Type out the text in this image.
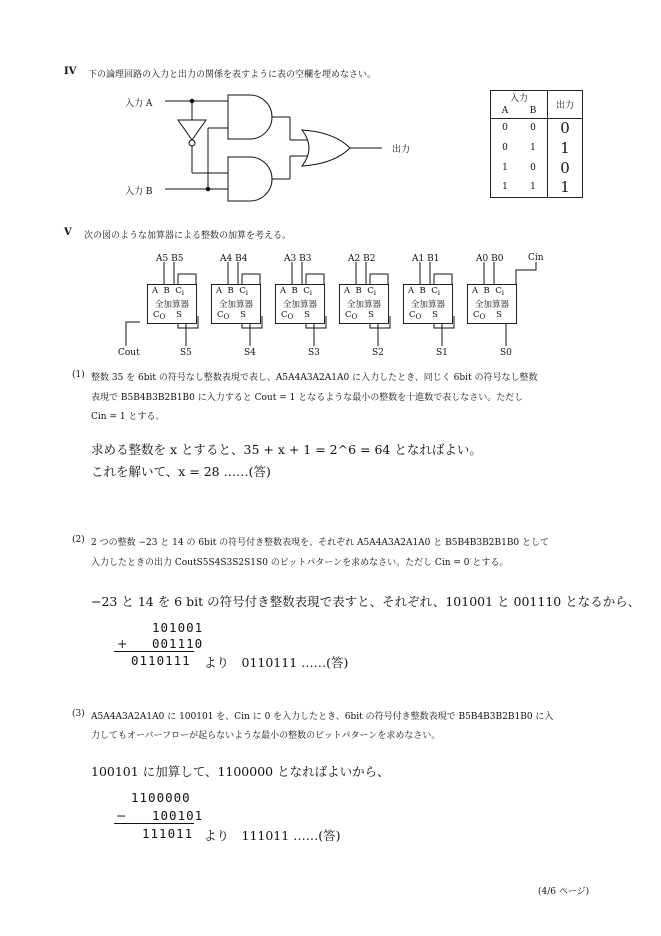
IV 下の論理回路の入力と出力の関係を表すように表の空欄を埋めなさい。
入力 A
入力 B
出力
入力		出力
A	B	
0	0	0
0	1	1
1	0	0
1	1	1
V 次の図のような加算器による整数の加算を考える。
A5 B5	A4 B4	A3 B3	A2 B2	A1 B1	A0 B0	Cin
A  B  $C_i$
全加算器
$C_O$    S
A  B  $C_i$
全加算器
$C_O$    S
A  B  $C_i$
全加算器
$C_O$    S
A  B  $C_i$
全加算器
$C_O$    S
A  B  $C_i$
全加算器
$C_O$    S
A  B  $C_i$
全加算器
$C_O$    S
Cout	S5	S4	S3	S2	S1	S0
(1) 整数 35 を 6bit の符号なし整数表現で表し、A5A4A3A2A1A0 に入力したとき、同じく 6bit の符号なし整数
表現で B5B4B3B2B1B0 に入力すると Cout = 1 となるような最小の整数を十進数で表しなさい。ただし
Cin = 1 とする。
求める整数を x とすると、35 + x + 1 = 2^6 = 64 となればよい。
これを解いて、x = 28 ……(答)
(2) 2 つの整数 −23 と 14 の 6bit の符号付き整数表現を、それぞれ A5A4A3A2A1A0 と B5B4B3B2B1B0 として
入力したときの出力 CoutS5S4S3S2S1S0 のビットパターンを求めなさい。ただし Cin = 0 とする。
−23 と 14 を 6 bit の符号付き整数表現で表すと、それぞれ、101001 と 001110 となるから、
101001
+ 001110
0110111 より　0110111 ……(答)
(3) A5A4A3A2A1A0 に 100101 を、Cin に 0 を入力したとき、6bit の符号付き整数表現で B5B4B3B2B1B0 に入
力してもオーバーフローが起らないような最小の整数のビットパターンを求めなさい。
100101 に加算して、1100000 となればよいから、
1100000
− 100101
111011 より　111011 ……(答)
(4/6 ページ)
